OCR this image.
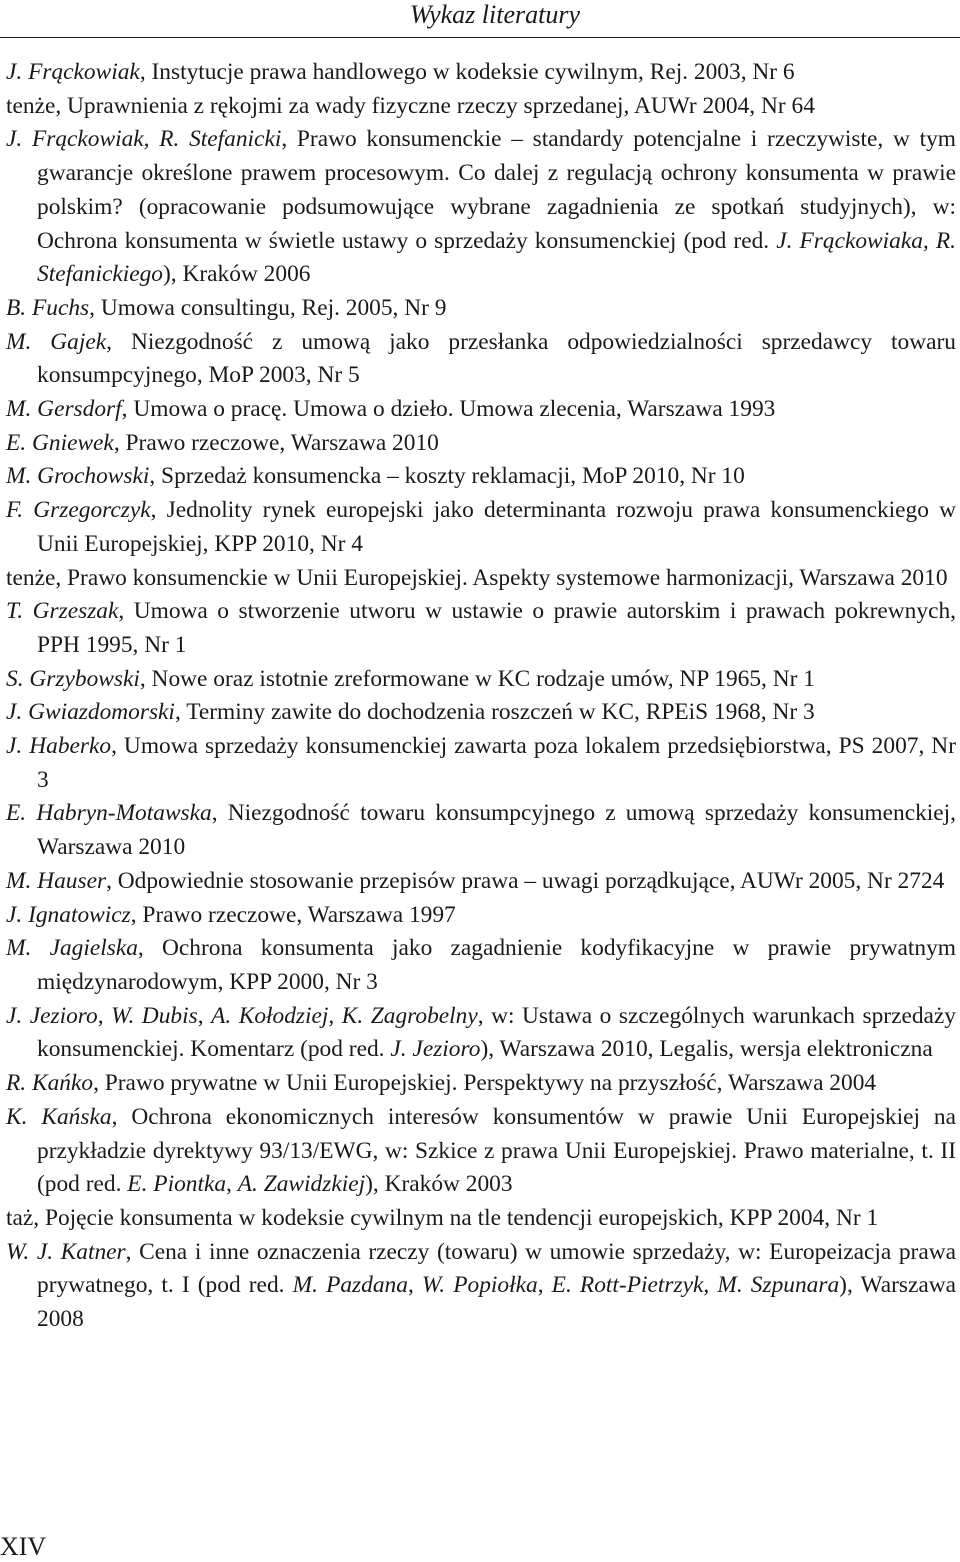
Wykaz literatury

J. Frąckowiak, Instytucje prawa handlowego w kodeksie cywilnym, Rej. 2003, Nr 6

tenże, Uprawnienia z rękojmi za wady fizyczne rzeczy sprzedanej, AUWr 2004, Nr 64

J. Frąckowiak, R. Stefanicki, Prawo konsumenckie – standardy potencjalne i rzeczywiste, w tym gwarancje określone prawem procesowym. Co dalej z regulacją ochrony konsumenta w prawie polskim? (opracowanie podsumowujące wybrane zagadnienia ze spotkań studyjnych), w: Ochrona konsumenta w świetle ustawy o sprzedaży konsumenckiej (pod red. J. Frąckowiaka, R. Stefanickiego), Kraków 2006

B. Fuchs, Umowa consultingu, Rej. 2005, Nr 9

M. Gajek, Niezgodność z umową jako przesłanka odpowiedzialności sprzedawcy towaru konsumpcyjnego, MoP 2003, Nr 5

M. Gersdorf, Umowa o pracę. Umowa o dzieło. Umowa zlecenia, Warszawa 1993

E. Gniewek, Prawo rzeczowe, Warszawa 2010

M. Grochowski, Sprzedaż konsumencka – koszty reklamacji, MoP 2010, Nr 10

F. Grzegorczyk, Jednolity rynek europejski jako determinanta rozwoju prawa konsumenckiego w Unii Europejskiej, KPP 2010, Nr 4

tenże, Prawo konsumenckie w Unii Europejskiej. Aspekty systemowe harmonizacji, Warszawa 2010

T. Grzeszak, Umowa o stworzenie utworu w ustawie o prawie autorskim i prawach pokrewnych, PPH 1995, Nr 1

S. Grzybowski, Nowe oraz istotnie zreformowane w KC rodzaje umów, NP 1965, Nr 1

J. Gwiazdomorski, Terminy zawite do dochodzenia roszczeń w KC, RPEiS 1968, Nr 3

J. Haberko, Umowa sprzedaży konsumenckiej zawarta poza lokalem przedsiębiorstwa, PS 2007, Nr 3

E. Habryn-Motawska, Niezgodność towaru konsumpcyjnego z umową sprzedaży konsumenckiej, Warszawa 2010

M. Hauser, Odpowiednie stosowanie przepisów prawa – uwagi porządkujące, AUWr 2005, Nr 2724

J. Ignatowicz, Prawo rzeczowe, Warszawa 1997

M. Jagielska, Ochrona konsumenta jako zagadnienie kodyfikacyjne w prawie prywatnym międzynarodowym, KPP 2000, Nr 3

J. Jezioro, W. Dubis, A. Kołodziej, K. Zagrobelny, w: Ustawa o szczególnych warunkach sprzedaży konsumenckiej. Komentarz (pod red. J. Jezioro), Warszawa 2010, Legalis, wersja elektroniczna

R. Kańko, Prawo prywatne w Unii Europejskiej. Perspektywy na przyszłość, Warszawa 2004

K. Kańska, Ochrona ekonomicznych interesów konsumentów w prawie Unii Europejskiej na przykładzie dyrektywy 93/13/EWG, w: Szkice z prawa Unii Europejskiej. Prawo materialne, t. II (pod red. E. Piontka, A. Zawidzkiej), Kraków 2003

taż, Pojęcie konsumenta w kodeksie cywilnym na tle tendencji europejskich, KPP 2004, Nr 1

W. J. Katner, Cena i inne oznaczenia rzeczy (towaru) w umowie sprzedaży, w: Europeizacja prawa prywatnego, t. I (pod red. M. Pazdana, W. Popiołka, E. Rott-Pietrzyk, M. Szpunara), Warszawa 2008

XIV
